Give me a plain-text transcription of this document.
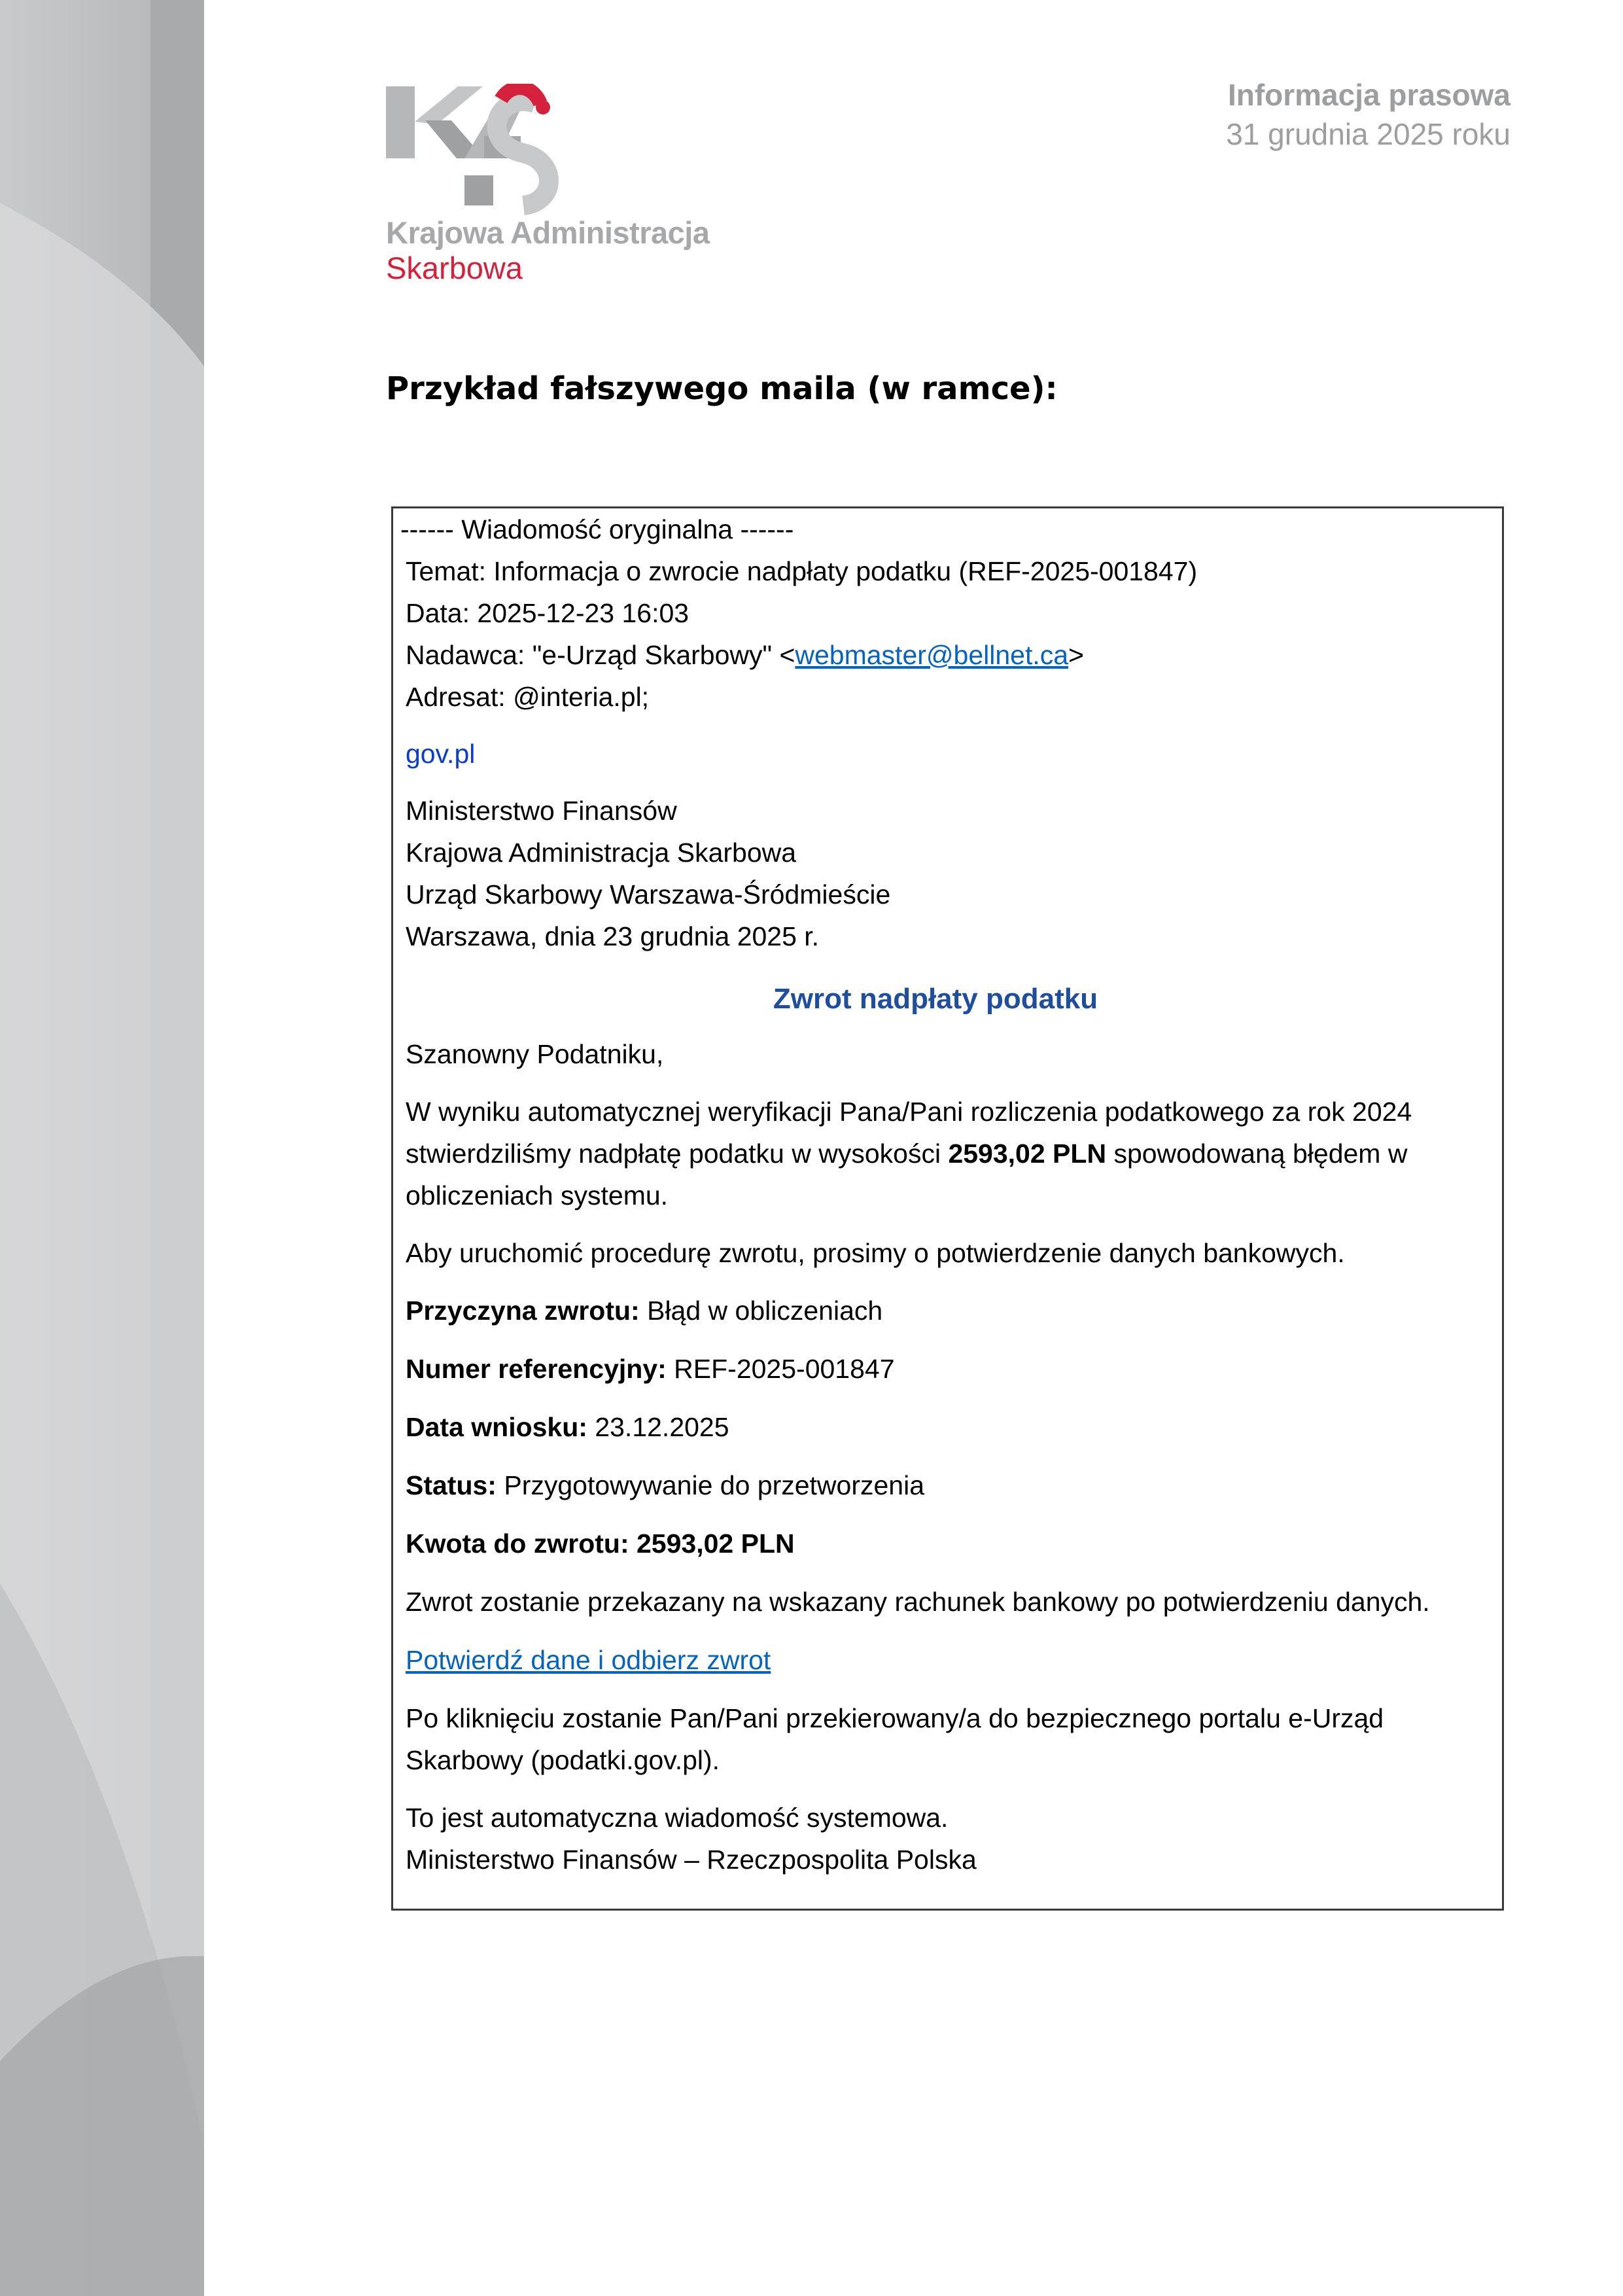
Krajowa Administracja
Skarbowa
Informacja prasowa
31 grudnia 2025 roku
Przykład fałszywego maila (w ramce):
------ Wiadomość oryginalna ------
Temat: Informacja o zwrocie nadpłaty podatku (REF-2025-001847)
Data: 2025-12-23 16:03
Nadawca: "e-Urząd Skarbowy" <webmaster@bellnet.ca>
Adresat: @interia.pl;
gov.pl
Ministerstwo Finansów
Krajowa Administracja Skarbowa
Urząd Skarbowy Warszawa-Śródmieście
Warszawa, dnia 23 grudnia 2025 r.
Zwrot nadpłaty podatku
Szanowny Podatniku,
W wyniku automatycznej weryfikacji Pana/Pani rozliczenia podatkowego za rok 2024
stwierdziliśmy nadpłatę podatku w wysokości 2593,02 PLN spowodowaną błędem w
obliczeniach systemu.
Aby uruchomić procedurę zwrotu, prosimy o potwierdzenie danych bankowych.
Przyczyna zwrotu: Błąd w obliczeniach
Numer referencyjny: REF-2025-001847
Data wniosku: 23.12.2025
Status: Przygotowywanie do przetworzenia
Kwota do zwrotu: 2593,02 PLN
Zwrot zostanie przekazany na wskazany rachunek bankowy po potwierdzeniu danych.
Potwierdź dane i odbierz zwrot
Po kliknięciu zostanie Pan/Pani przekierowany/a do bezpiecznego portalu e-Urząd
Skarbowy (podatki.gov.pl).
To jest automatyczna wiadomość systemowa.
Ministerstwo Finansów – Rzeczpospolita Polska
